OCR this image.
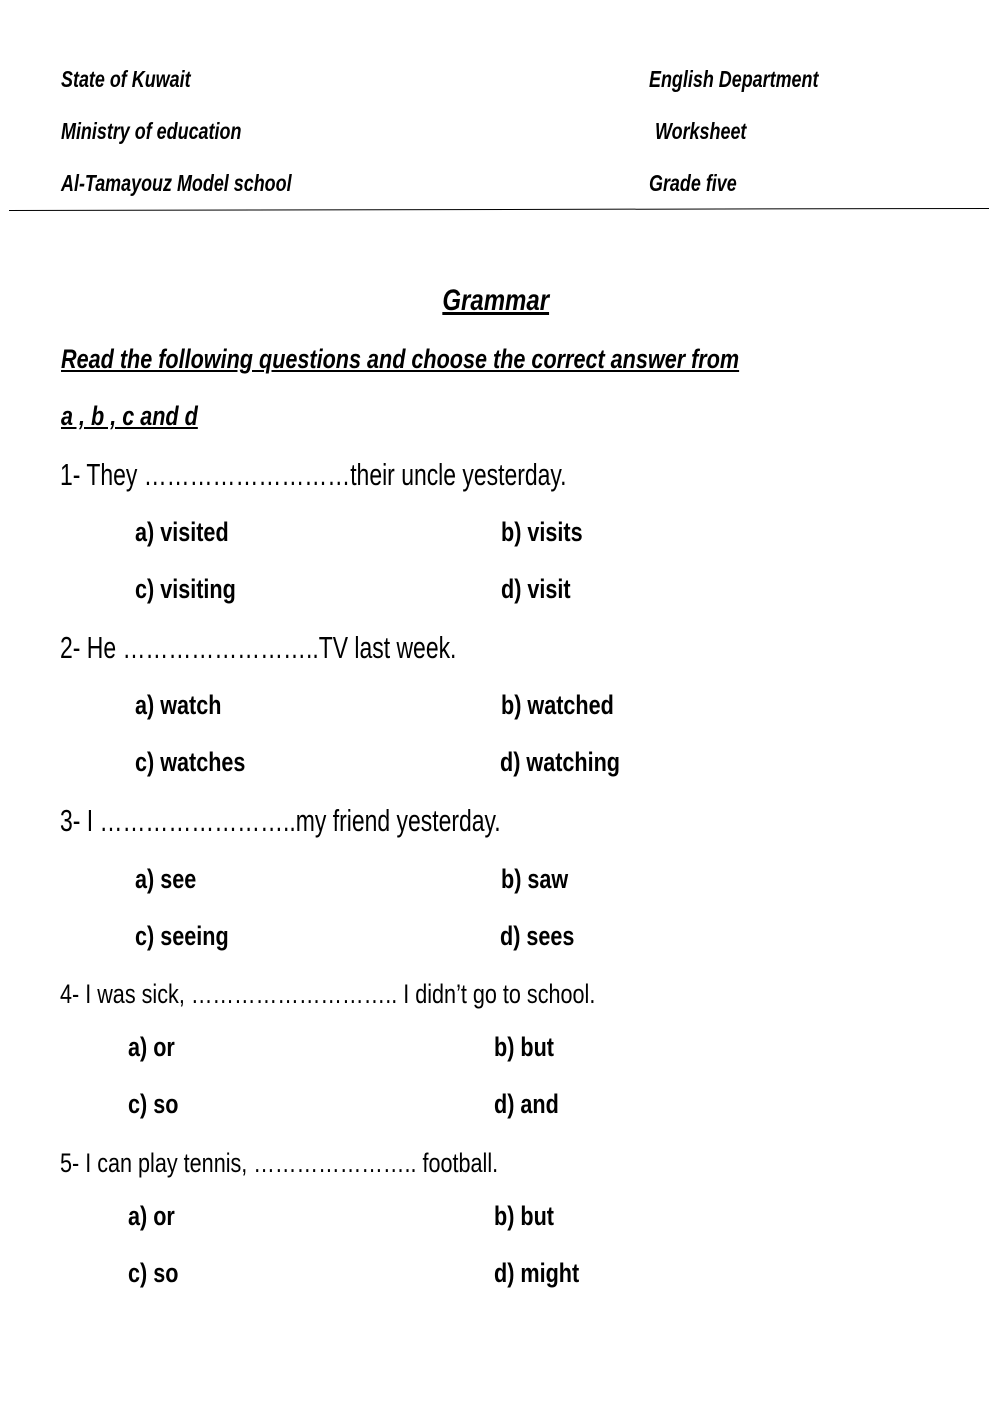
State of Kuwait
Ministry of education
Al-Tamayouz Model school
English Department
Worksheet
Grade five
Grammar
Read the following questions and choose the correct answer from
a , b , c and d
1- They ………………………their uncle yesterday.
a) visited	b) visits
c) visiting	d) visit
2- He ……………………..TV last week.
a) watch	b) watched
c) watches	d) watching
3- I ……………………..my friend yesterday.
a) see	b) saw
c) seeing	d) sees
4- I was sick, ……………………….. I didn’t go to school.
a) or	b) but
c) so	d) and
5- I can play tennis, ………………….. football.
a) or	b) but
c) so	d) might
